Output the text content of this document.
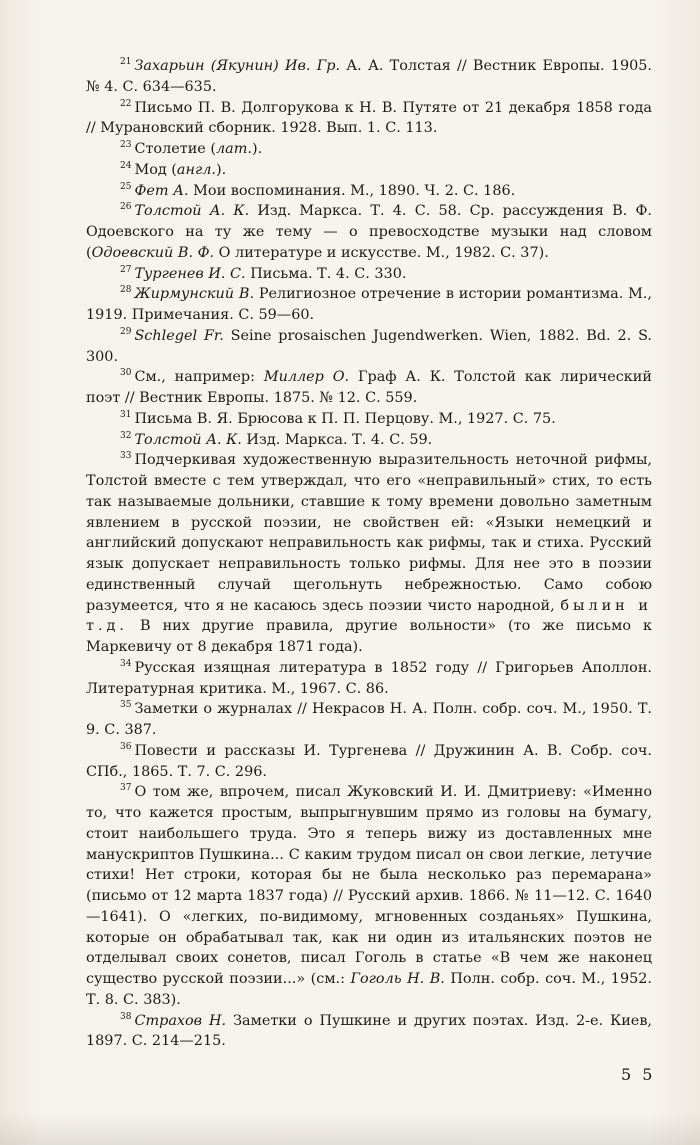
$^{21}$ Захарьин (Якунин) Ив. Гр. А. А. Толстая // Вестник Европы. 1905. № 4. С. 634—635.

$^{22}$ Письмо П. В. Долгорукова к Н. В. Путяте от 21 декабря 1858 года // Мурановский сборник. 1928. Вып. 1. С. 113.

$^{23}$ Столетие (лат.).

$^{24}$ Мод (англ.).

$^{25}$ Фет А. Мои воспоминания. М., 1890. Ч. 2. С. 186.

$^{26}$ Толстой А. К. Изд. Маркса. Т. 4. С. 58. Ср. рассуждения В. Ф. Одоевского на ту же тему — о превосходстве музыки над словом (Одоевский В. Ф. О литературе и искусстве. М., 1982. С. 37).

$^{27}$ Тургенев И. С. Письма. Т. 4. С. 330.

$^{28}$ Жирмунский В. Религиозное отречение в истории романтизма. М., 1919. Примечания. С. 59—60.

$^{29}$ Schlegel Fr. Seine prosaischen Jugendwerken. Wien, 1882. Bd. 2. S. 300.

$^{30}$ См., например: Миллер О. Граф А. К. Толстой как лирический поэт // Вестник Европы. 1875. № 12. С. 559.

$^{31}$ Письма В. Я. Брюсова к П. П. Перцову. М., 1927. С. 75.

$^{32}$ Толстой А. К. Изд. Маркса. Т. 4. С. 59.

$^{33}$ Подчеркивая художественную выразительность неточной рифмы, Толстой вместе с тем утверждал, что его «неправильный» стих, то есть так называемые дольники, ставшие к тому времени довольно заметным явлением в русской поэзии, не свойствен ей: «Языки немецкий и английский допускают неправильность как рифмы, так и стиха. Русский язык допускает неправильность только рифмы. Для нее это в поэзии единственный случай щегольнуть небрежностью. Само собою разумеется, что я не касаюсь здесь поэзии чисто народной, былин и т.д. В них другие правила, другие вольности» (то же письмо к Маркевичу от 8 декабря 1871 года).

$^{34}$ Русская изящная литература в 1852 году // Григорьев Аполлон. Литературная критика. М., 1967. С. 86.

$^{35}$ Заметки о журналах // Некрасов Н. А. Полн. собр. соч. М., 1950. Т. 9. С. 387.

$^{36}$ Повести и рассказы И. Тургенева // Дружинин А. В. Собр. соч. СПб., 1865. Т. 7. С. 296.

$^{37}$ О том же, впрочем, писал Жуковский И. И. Дмитриеву: «Именно то, что кажется простым, выпрыгнувшим прямо из головы на бумагу, стоит наибольшего труда. Это я теперь вижу из доставленных мне манускриптов Пушкина... С каким трудом писал он свои легкие, летучие стихи! Нет строки, которая бы не была несколько раз перемарана» (письмо от 12 марта 1837 года) // Русский архив. 1866. № 11—12. С. 1640—1641). О «легких, по-видимому, мгновенных созданьях» Пушкина, которые он обрабатывал так, как ни один из итальянских поэтов не отделывал своих сонетов, писал Гоголь в статье «В чем же наконец существо русской поэзии...» (см.: Гоголь Н. В. Полн. собр. соч. М., 1952. Т. 8. С. 383).

$^{38}$ Страхов Н. Заметки о Пушкине и других поэтах. Изд. 2-е. Киев, 1897. С. 214—215.

5 5
